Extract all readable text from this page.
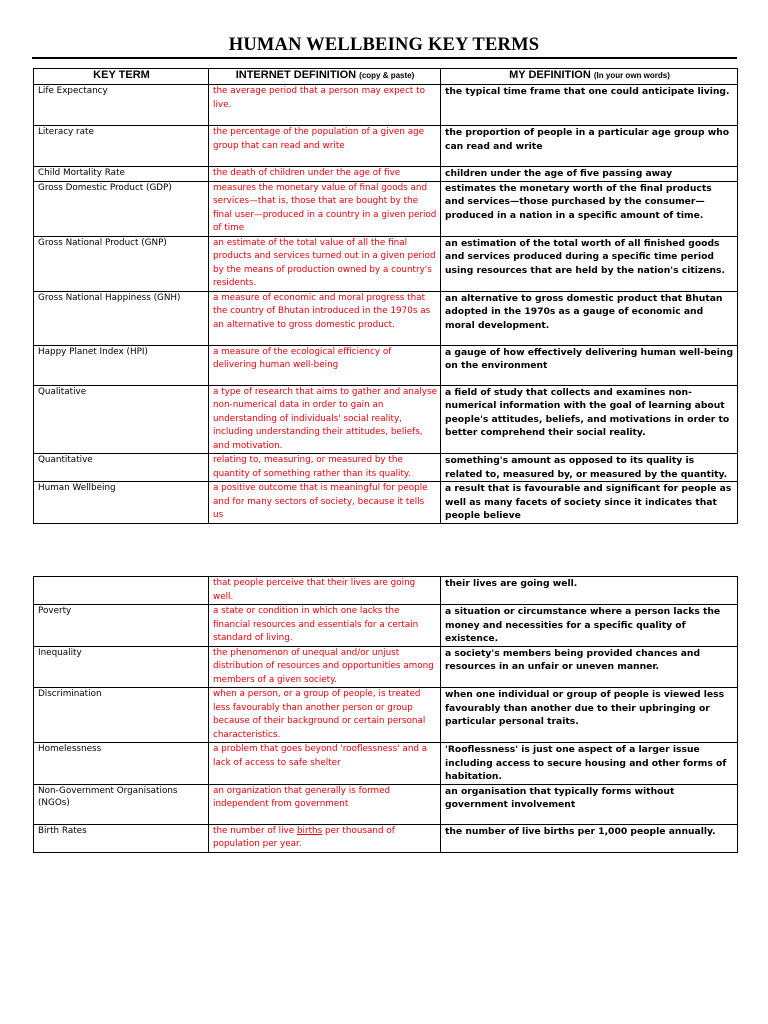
HUMAN WELLBEING KEY TERMS
KEY TERM	INTERNET DEFINITION (copy & paste)	MY DEFINITION (In your own words)
Life Expectancy	the average period that a person may expect to live.	the typical time frame that one could anticipate living.
Literacy rate	the percentage of the population of a given age group that can read and write	the proportion of people in a particular age group who can read and write
Child Mortality Rate	the death of children under the age of five	children under the age of five passing away
Gross Domestic Product (GDP)	measures the monetary value of final goods and services—that is, those that are bought by the final user—produced in a country in a given period of time	estimates the monetary worth of the final products and services—those purchased by the consumer—produced in a nation in a specific amount of time.
Gross National Product (GNP)	an estimate of the total value of all the final products and services turned out in a given period by the means of production owned by a country's residents.	an estimation of the total worth of all finished goods and services produced during a specific time period using resources that are held by the nation's citizens.
Gross National Happiness (GNH)	a measure of economic and moral progress that the country of Bhutan introduced in the 1970s as an alternative to gross domestic product.	an alternative to gross domestic product that Bhutan adopted in the 1970s as a gauge of economic and moral development.
Happy Planet Index (HPI)	a measure of the ecological efficiency of delivering human well-being	a gauge of how effectively delivering human well-being on the environment
Qualitative	a type of research that aims to gather and analyse non-numerical data in order to gain an understanding of individuals' social reality, including understanding their attitudes, beliefs, and motivation.	a field of study that collects and examines non-numerical information with the goal of learning about people's attitudes, beliefs, and motivations in order to better comprehend their social reality.
Quantitative	relating to, measuring, or measured by the quantity of something rather than its quality.	something's amount as opposed to its quality is related to, measured by, or measured by the quantity.
Human Wellbeing	a positive outcome that is meaningful for people and for many sectors of society, because it tells us	a result that is favourable and significant for people as well as many facets of society since it indicates that people believe
	that people perceive that their lives are going well.	their lives are going well.
Poverty	a state or condition in which one lacks the financial resources and essentials for a certain standard of living.	a situation or circumstance where a person lacks the money and necessities for a specific quality of existence.
Inequality	the phenomenon of unequal and/or unjust distribution of resources and opportunities among members of a given society.	a society's members being provided chances and resources in an unfair or uneven manner.
Discrimination	when a person, or a group of people, is treated less favourably than another person or group because of their background or certain personal characteristics.	when one individual or group of people is viewed less favourably than another due to their upbringing or particular personal traits.
Homelessness	a problem that goes beyond 'rooflessness' and a lack of access to safe shelter	'Rooflessness' is just one aspect of a larger issue including access to secure housing and other forms of habitation.
Non-Government Organisations (NGOs)	an organization that generally is formed independent from government	an organisation that typically forms without government involvement
Birth Rates	the number of live births per thousand of population per year.	the number of live births per 1,000 people annually.
